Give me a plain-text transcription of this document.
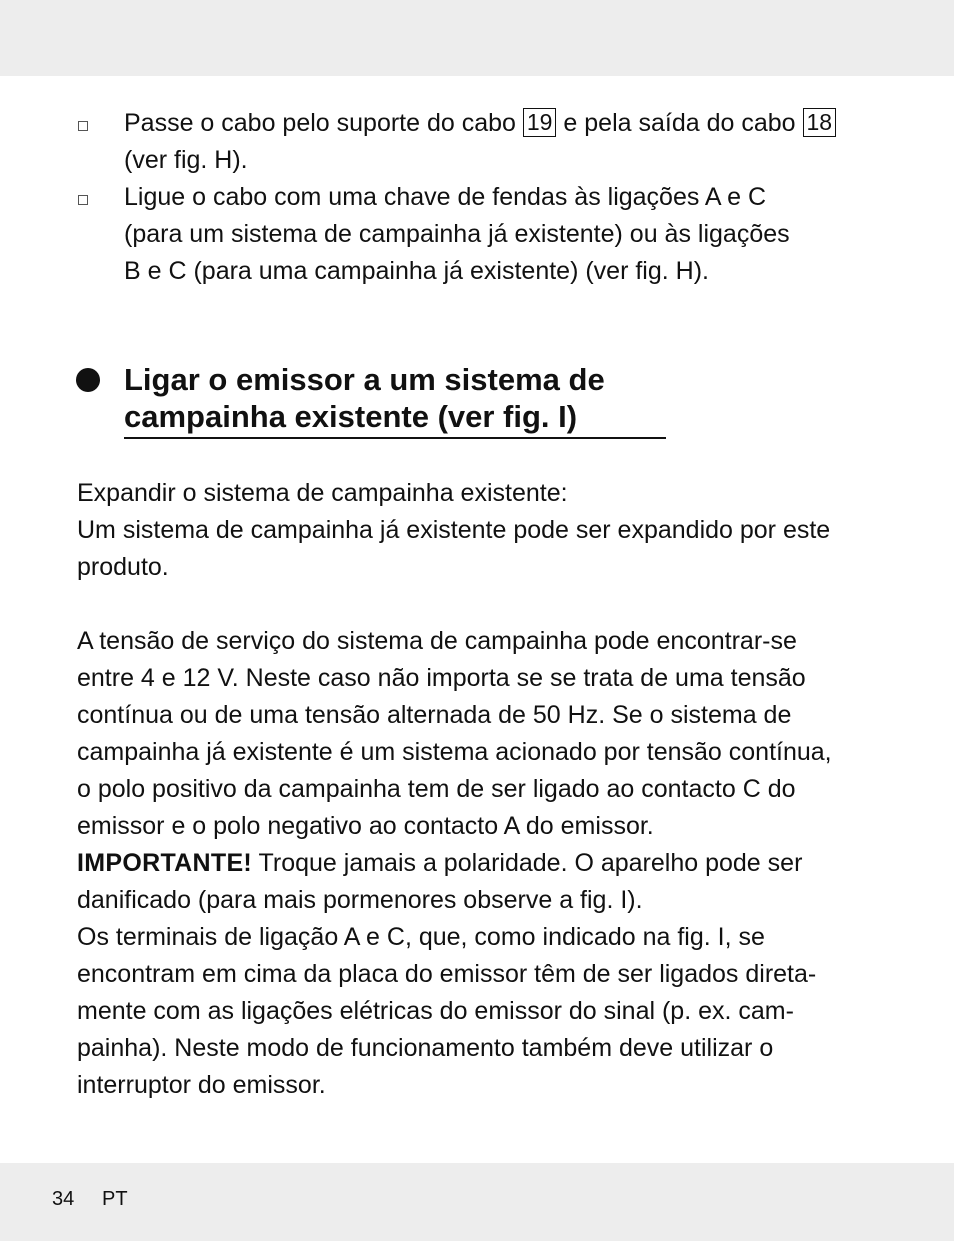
Passe o cabo pelo suporte do cabo 19 e pela saída do cabo 18
(ver fig. H).
Ligue o cabo com uma chave de fendas às ligações A e C
(para um sistema de campainha já existente) ou às ligações
B e C (para uma campainha já existente) (ver fig. H).
Ligar o emissor a um sistema de
campainha existente (ver fig. I)
Expandir o sistema de campainha existente:
Um sistema de campainha já existente pode ser expandido por este
produto.
A tensão de serviço do sistema de campainha pode encontrar-se
entre 4 e 12 V. Neste caso não importa se se trata de uma tensão
contínua ou de uma tensão alternada de 50 Hz. Se o sistema de
campainha já existente é um sistema acionado por tensão contínua,
o polo positivo da campainha tem de ser ligado ao contacto C do
emissor e o polo negativo ao contacto A do emissor.
IMPORTANTE! Troque jamais a polaridade. O aparelho pode ser
danificado (para mais pormenores observe a fig. I).
Os terminais de ligação A e C, que, como indicado na fig. I, se
encontram em cima da placa do emissor têm de ser ligados direta-
mente com as ligações elétricas do emissor do sinal (p. ex. cam-
painha). Neste modo de funcionamento também deve utilizar o
interruptor do emissor.
34 PT
